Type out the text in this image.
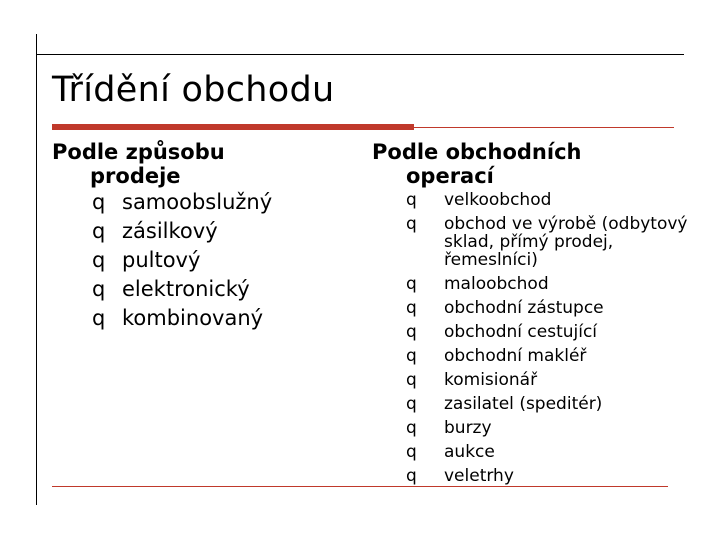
Třídění obchodu

Podle způsobu
prodeje

q samoobslužný
q zásilkový
q pultový
q elektronický
q kombinovaný

Podle obchodních
operací

q	velkoobchod
q	obchod ve výrobě (odbytový sklad, přímý prodej, řemeslníci)
q	maloobchod
q	obchodní zástupce
q	obchodní cestující
q	obchodní makléř
q	komisionář
q	zasilatel (speditér)
q	burzy
q	aukce
q	veletrhy
